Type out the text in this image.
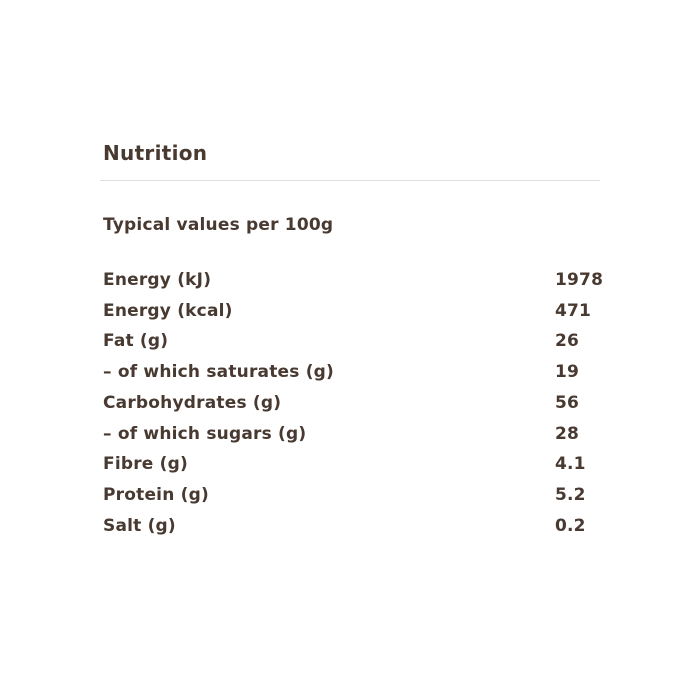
Nutrition

Typical values per 100g

Energy (kJ)	1978
Energy (kcal)	471
Fat (g)	26
– of which saturates (g)	19
Carbohydrates (g)	56
– of which sugars (g)	28
Fibre (g)	4.1
Protein (g)	5.2
Salt (g)	0.2
